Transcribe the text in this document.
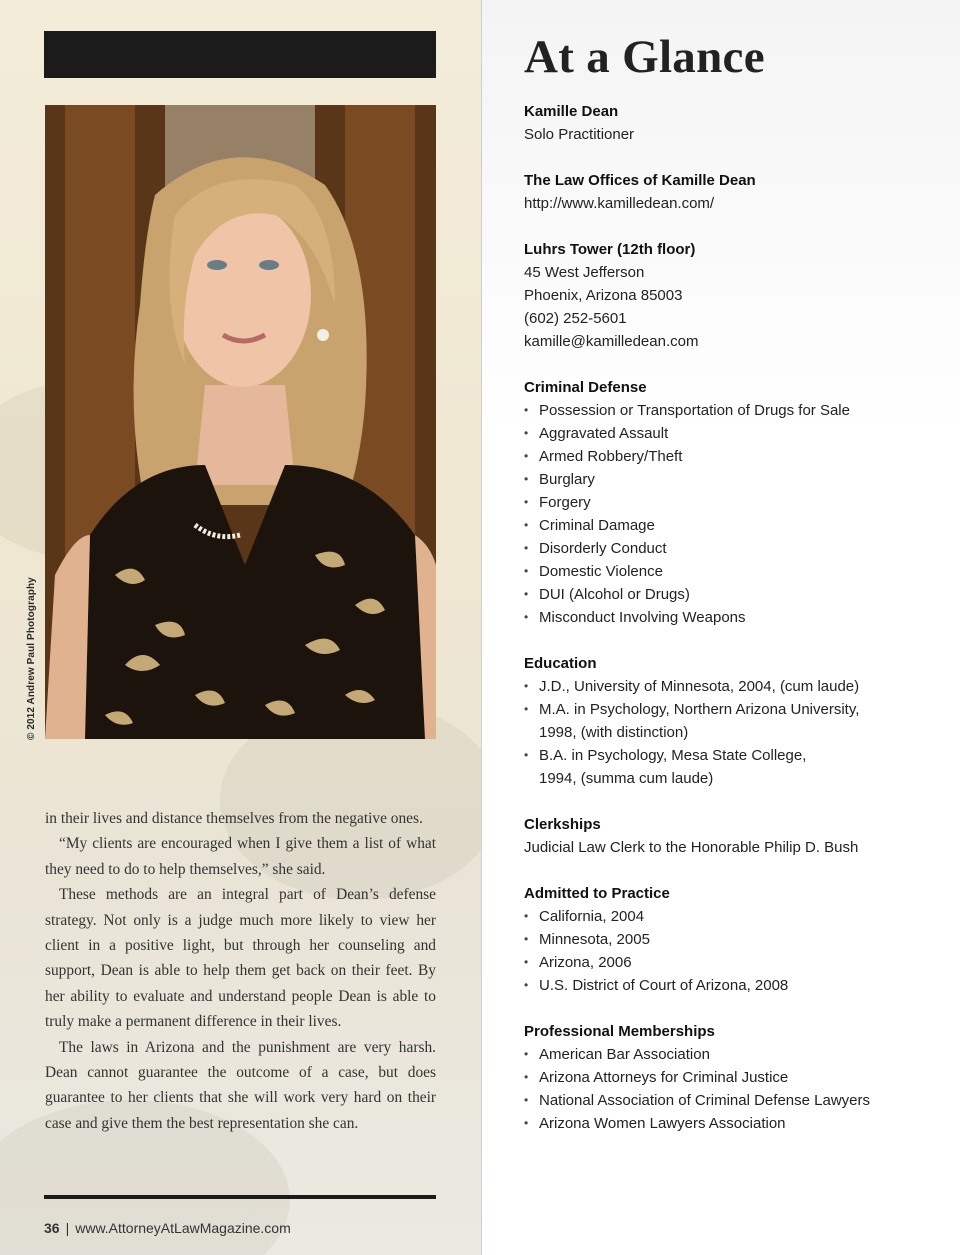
© 2012 Andrew Paul Photography

in their lives and distance themselves from the negative ones.

“My clients are encouraged when I give them a list of what they need to do to help themselves,” she said.

These methods are an integral part of Dean’s defense strategy. Not only is a judge much more likely to view her client in a positive light, but through her counseling and support, Dean is able to help them get back on their feet. By her ability to evaluate and understand people Dean is able to truly make a permanent difference in their lives.

The laws in Arizona and the punishment are very harsh. Dean cannot guarantee the outcome of a case, but does guarantee to her clients that she will work very hard on their case and give them the best representation she can.

36 | www.AttorneyAtLawMagazine.com
At a Glance
Kamille Dean
Solo Practitioner
The Law Offices of Kamille Dean
http://www.kamilledean.com/
Luhrs Tower (12th floor)
45 West Jefferson
Phoenix, Arizona 85003
(602) 252-5601
kamille@kamilledean.com
Criminal Defense
• Possession or Transportation of Drugs for Sale
• Aggravated Assault
• Armed Robbery/Theft
• Burglary
• Forgery
• Criminal Damage
• Disorderly Conduct
• Domestic Violence
• DUI (Alcohol or Drugs)
• Misconduct Involving Weapons
Education
• J.D., University of Minnesota, 2004, (cum laude)
• M.A. in Psychology, Northern Arizona University, 1998, (with distinction)
• B.A. in Psychology, Mesa State College, 1994, (summa cum laude)
Clerkships
Judicial Law Clerk to the Honorable Philip D. Bush
Admitted to Practice
• California, 2004
• Minnesota, 2005
• Arizona, 2006
• U.S. District of Court of Arizona, 2008
Professional Memberships
• American Bar Association
• Arizona Attorneys for Criminal Justice
• National Association of Criminal Defense Lawyers
• Arizona Women Lawyers Association
